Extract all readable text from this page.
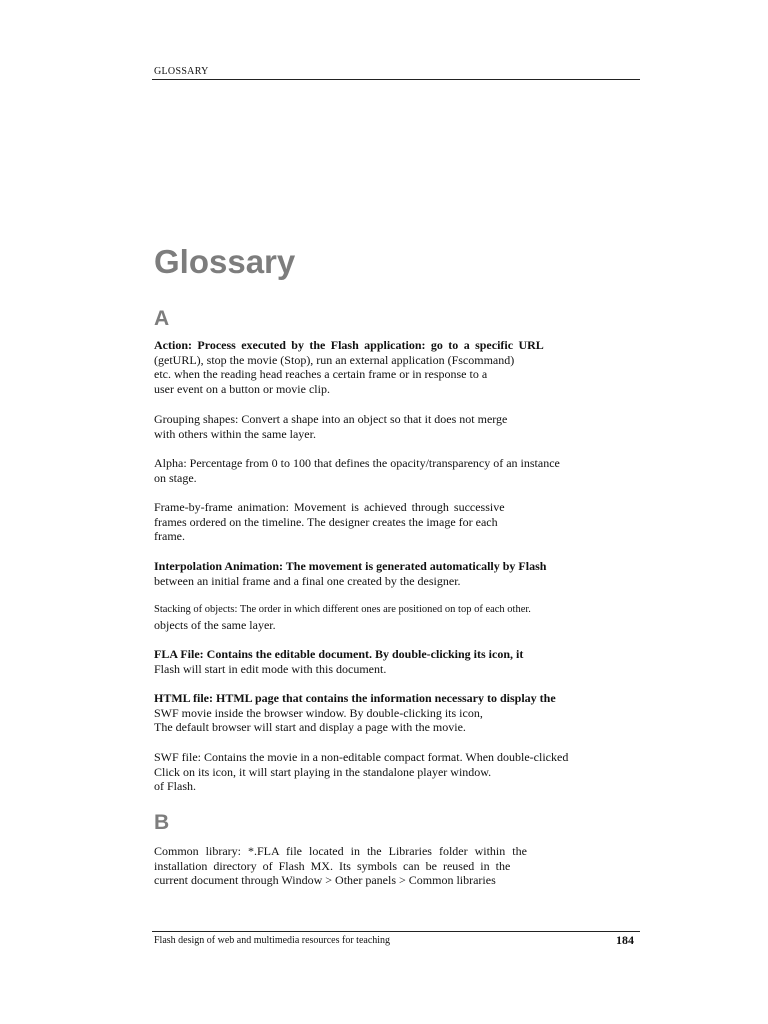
GLOSSARY
Glossary
A
Action: Process executed by the Flash application: go to a specific URL
(getURL), stop the movie (Stop), run an external application (Fscommand)
etc. when the reading head reaches a certain frame or in response to a
user event on a button or movie clip.
Grouping shapes: Convert a shape into an object so that it does not merge
with others within the same layer.
Alpha: Percentage from 0 to 100 that defines the opacity/transparency of an instance
on stage.
Frame-by-frame animation: Movement is achieved through successive
frames ordered on the timeline. The designer creates the image for each
frame.
Interpolation Animation: The movement is generated automatically by Flash
between an initial frame and a final one created by the designer.
Stacking of objects: The order in which different ones are positioned on top of each other.
objects of the same layer.
FLA File: Contains the editable document. By double-clicking its icon, it
Flash will start in edit mode with this document.
HTML file: HTML page that contains the information necessary to display the
SWF movie inside the browser window. By double-clicking its icon,
The default browser will start and display a page with the movie.
SWF file: Contains the movie in a non-editable compact format. When double-clicked
Click on its icon, it will start playing in the standalone player window.
of Flash.
B
Common library: *.FLA file located in the Libraries folder within the
installation directory of Flash MX. Its symbols can be reused in the
current document through Window > Other panels > Common libraries
Flash design of web and multimedia resources for teaching	184
